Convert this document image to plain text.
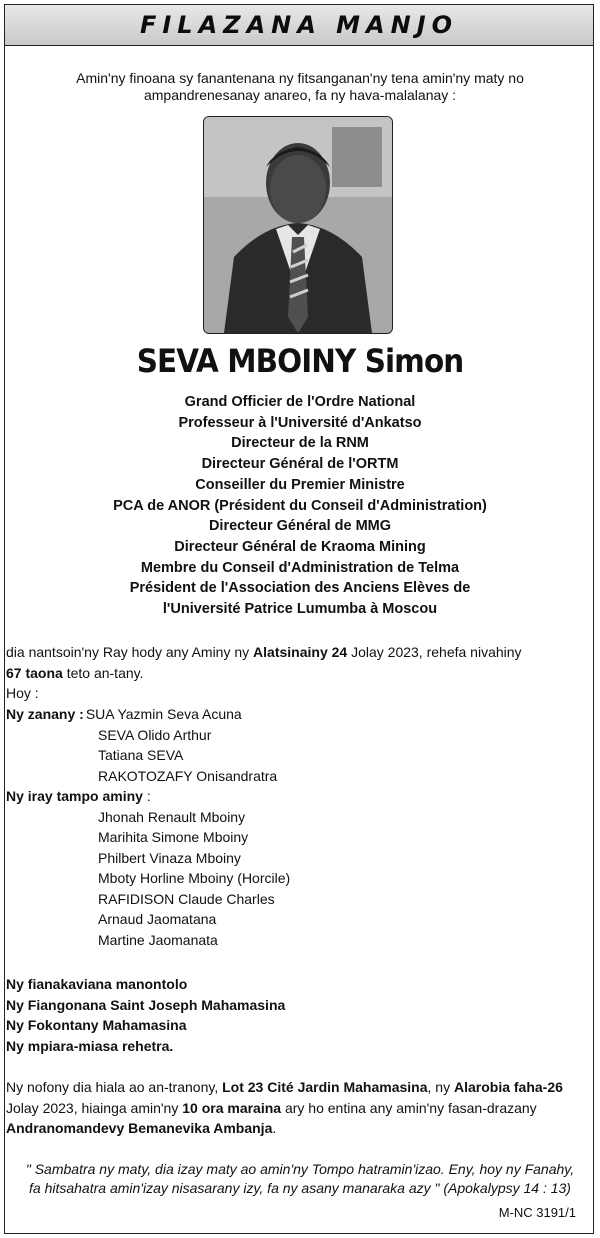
FILAZANA MANJO
Amin'ny finoana sy fanantenana ny fitsanganan'ny tena amin'ny maty no
ampandrenesanay anareo, fa ny hava-malalanay :
SEVA MBOINY Simon
Grand Officier de l'Ordre National
Professeur à l'Université d'Ankatso
Directeur de la RNM
Directeur Général de l'ORTM
Conseiller du Premier Ministre
PCA de ANOR (Président du Conseil d'Administration)
Directeur Général de MMG
Directeur Général de Kraoma Mining
Membre du Conseil d'Administration de Telma
Président de l'Association des Anciens Elèves de
l'Université Patrice Lumumba à Moscou
dia nantsoin'ny Ray hody any Aminy ny Alatsinainy 24 Jolay 2023, rehefa nivahiny
67 taona teto an-tany.
Hoy :
Ny zanany : SUA Yazmin Seva Acuna
SEVA Olido Arthur
Tatiana SEVA
RAKOTOZAFY Onisandratra
Ny iray tampo aminy :
Jhonah Renault Mboiny
Marihita Simone Mboiny
Philbert Vinaza Mboiny
Mboty Horline Mboiny (Horcile)
RAFIDISON Claude Charles
Arnaud Jaomatana
Martine Jaomanata
Ny fianakaviana manontolo
Ny Fiangonana Saint Joseph Mahamasina
Ny Fokontany Mahamasina
Ny mpiara-miasa rehetra.
Ny nofony dia hiala ao an-tranony, Lot 23 Cité Jardin Mahamasina, ny Alarobia faha-26
Jolay 2023, hiainga amin'ny 10 ora maraina ary ho entina any amin'ny fasan-drazany
Andranomandevy Bemanevika Ambanja.
" Sambatra ny maty, dia izay maty ao amin'ny Tompo hatramin'izao. Eny, hoy ny Fanahy,
fa hitsahatra amin'izay nisasarany izy, fa ny asany manaraka azy " (Apokalypsy 14 : 13)
M-NC 3191/1
